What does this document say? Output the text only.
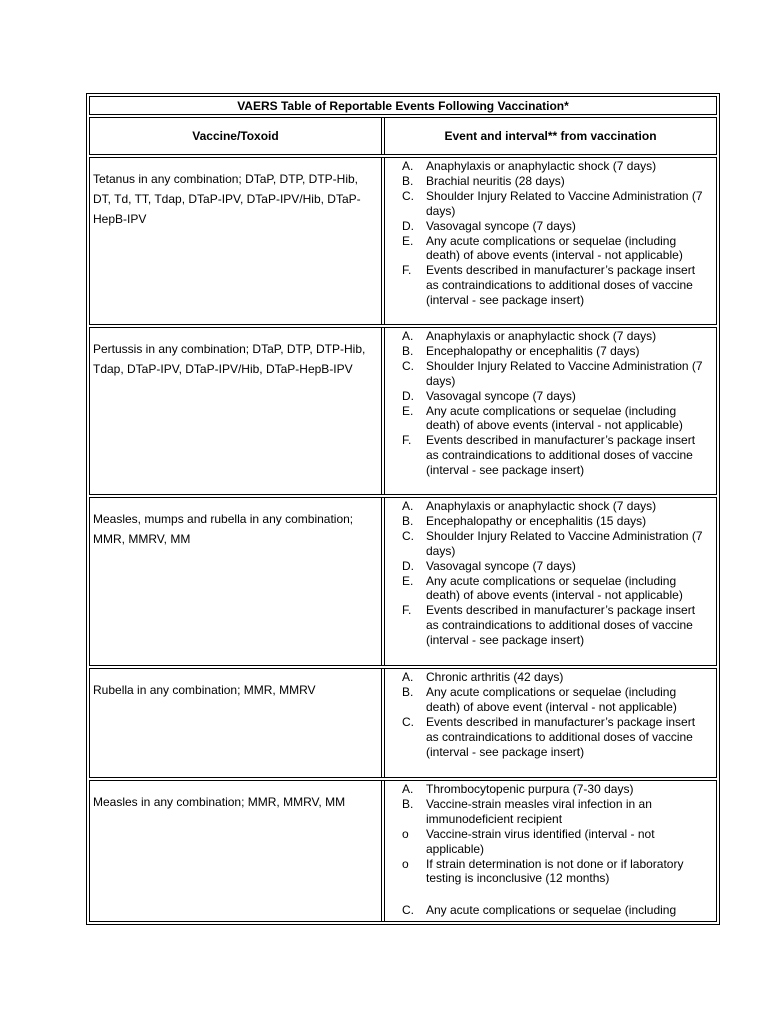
VAERS Table of Reportable Events Following Vaccination*
Vaccine/Toxoid	Event and interval** from vaccination
Tetanus in any combination; DTaP, DTP, DTP-Hib, DT, Td, TT, Tdap, DTaP-IPV, DTaP-IPV/Hib, DTaP-HepB-IPV
A.	Anaphylaxis or anaphylactic shock (7 days)
B.	Brachial neuritis (28 days)
C.	Shoulder Injury Related to Vaccine Administration (7 days)
D.	Vasovagal syncope (7 days)
E.	Any acute complications or sequelae (including death) of above events (interval - not applicable)
F.	Events described in manufacturer’s package insert as contraindications to additional doses of vaccine (interval - see package insert)
Pertussis in any combination; DTaP, DTP, DTP-Hib, Tdap, DTaP-IPV, DTaP-IPV/Hib, DTaP-HepB-IPV
A.	Anaphylaxis or anaphylactic shock (7 days)
B.	Encephalopathy or encephalitis (7 days)
C.	Shoulder Injury Related to Vaccine Administration (7 days)
D.	Vasovagal syncope (7 days)
E.	Any acute complications or sequelae (including death) of above events (interval - not applicable)
F.	Events described in manufacturer’s package insert as contraindications to additional doses of vaccine (interval - see package insert)
Measles, mumps and rubella in any combination; MMR, MMRV, MM
A.	Anaphylaxis or anaphylactic shock (7 days)
B.	Encephalopathy or encephalitis (15 days)
C.	Shoulder Injury Related to Vaccine Administration (7 days)
D.	Vasovagal syncope (7 days)
E.	Any acute complications or sequelae (including death) of above events (interval - not applicable)
F.	Events described in manufacturer’s package insert as contraindications to additional doses of vaccine (interval - see package insert)
Rubella in any combination; MMR, MMRV
A.	Chronic arthritis (42 days)
B.	Any acute complications or sequelae (including death) of above event (interval - not applicable)
C.	Events described in manufacturer’s package insert as contraindications to additional doses of vaccine (interval - see package insert)
Measles in any combination; MMR, MMRV, MM
A.	Thrombocytopenic purpura (7-30 days)
B.	Vaccine-strain measles viral infection in an immunodeficient recipient
o	Vaccine-strain virus identified (interval - not applicable)
o	If strain determination is not done or if laboratory testing is inconclusive (12 months)
C.	Any acute complications or sequelae (including
